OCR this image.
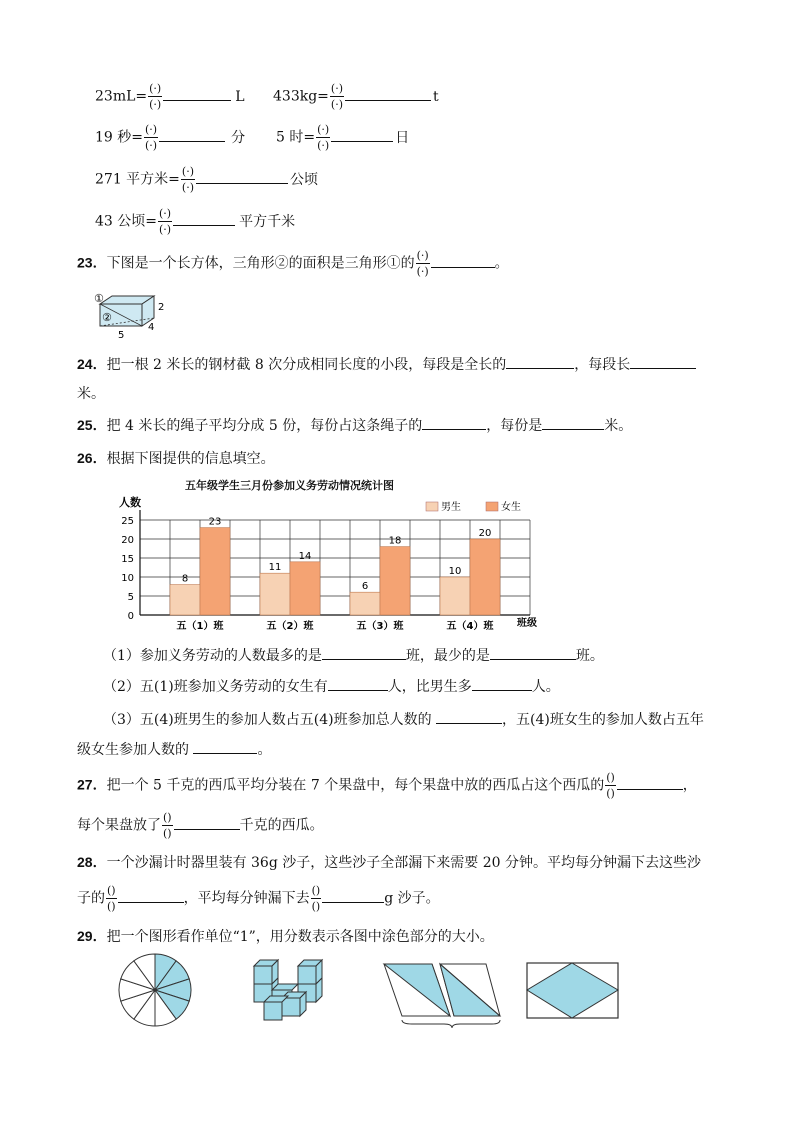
$23mL= \frac{(\cdot)}{(\cdot)}$	L $433kg= \frac{(\cdot)}{(\cdot)}$	t
19 秒= $\frac{(\cdot)}{(\cdot)}$	分 5 时= $\frac{(\cdot)}{(\cdot)}$	日
271 平方米= $\frac{(\cdot)}{(\cdot)}$	公顷
43 公顷= $\frac{(\cdot)}{(\cdot)}$	平方千米
23．下图是一个长方体，三角形②的面积是三角形①的 $\frac{(\cdot)}{(\cdot)}$	。
①
②
5
4
2
24．把一根 2 米长的钢材截 8 次分成相同长度的小段，每段是全长的	，每段长
米。
25．把 4 米长的绳子平均分成 5 份，每份占这条绳子的	，每份是	米。
26．根据下图提供的信息填空。
五年级学生三月份参加义务劳动情况统计图
8
23
11
14
6
18
10
20
0
5
10
15
20
25
五（1）班	五（2）班	五（3）班	五（4）班
人数
班级
男生	女生
（1）参加义务劳动的人数最多的是	班，最少的是	班。
（2）五(1)班参加义务劳动的女生有	人，比男生多	人。
（3）五(4)班男生的参加人数占五(4)班参加总人数的	，五(4)班女生的参加人数占五年
级女生参加人数的	。
27．把一个 5 千克的西瓜平均分装在 7 个果盘中，每个果盘中放的西瓜占这个西瓜的 $\frac{()}{()}$	，
每个果盘放了 $\frac{()}{()}$	千克的西瓜。
28．一个沙漏计时器里装有 36g 沙子，这些沙子全部漏下来需要 20 分钟。平均每分钟漏下去这些沙
子的 $\frac{()}{()}$	，平均每分钟漏下去 $\frac{()}{()}$	g 沙子。
29．把一个图形看作单位“1”，用分数表示各图中涂色部分的大小。
